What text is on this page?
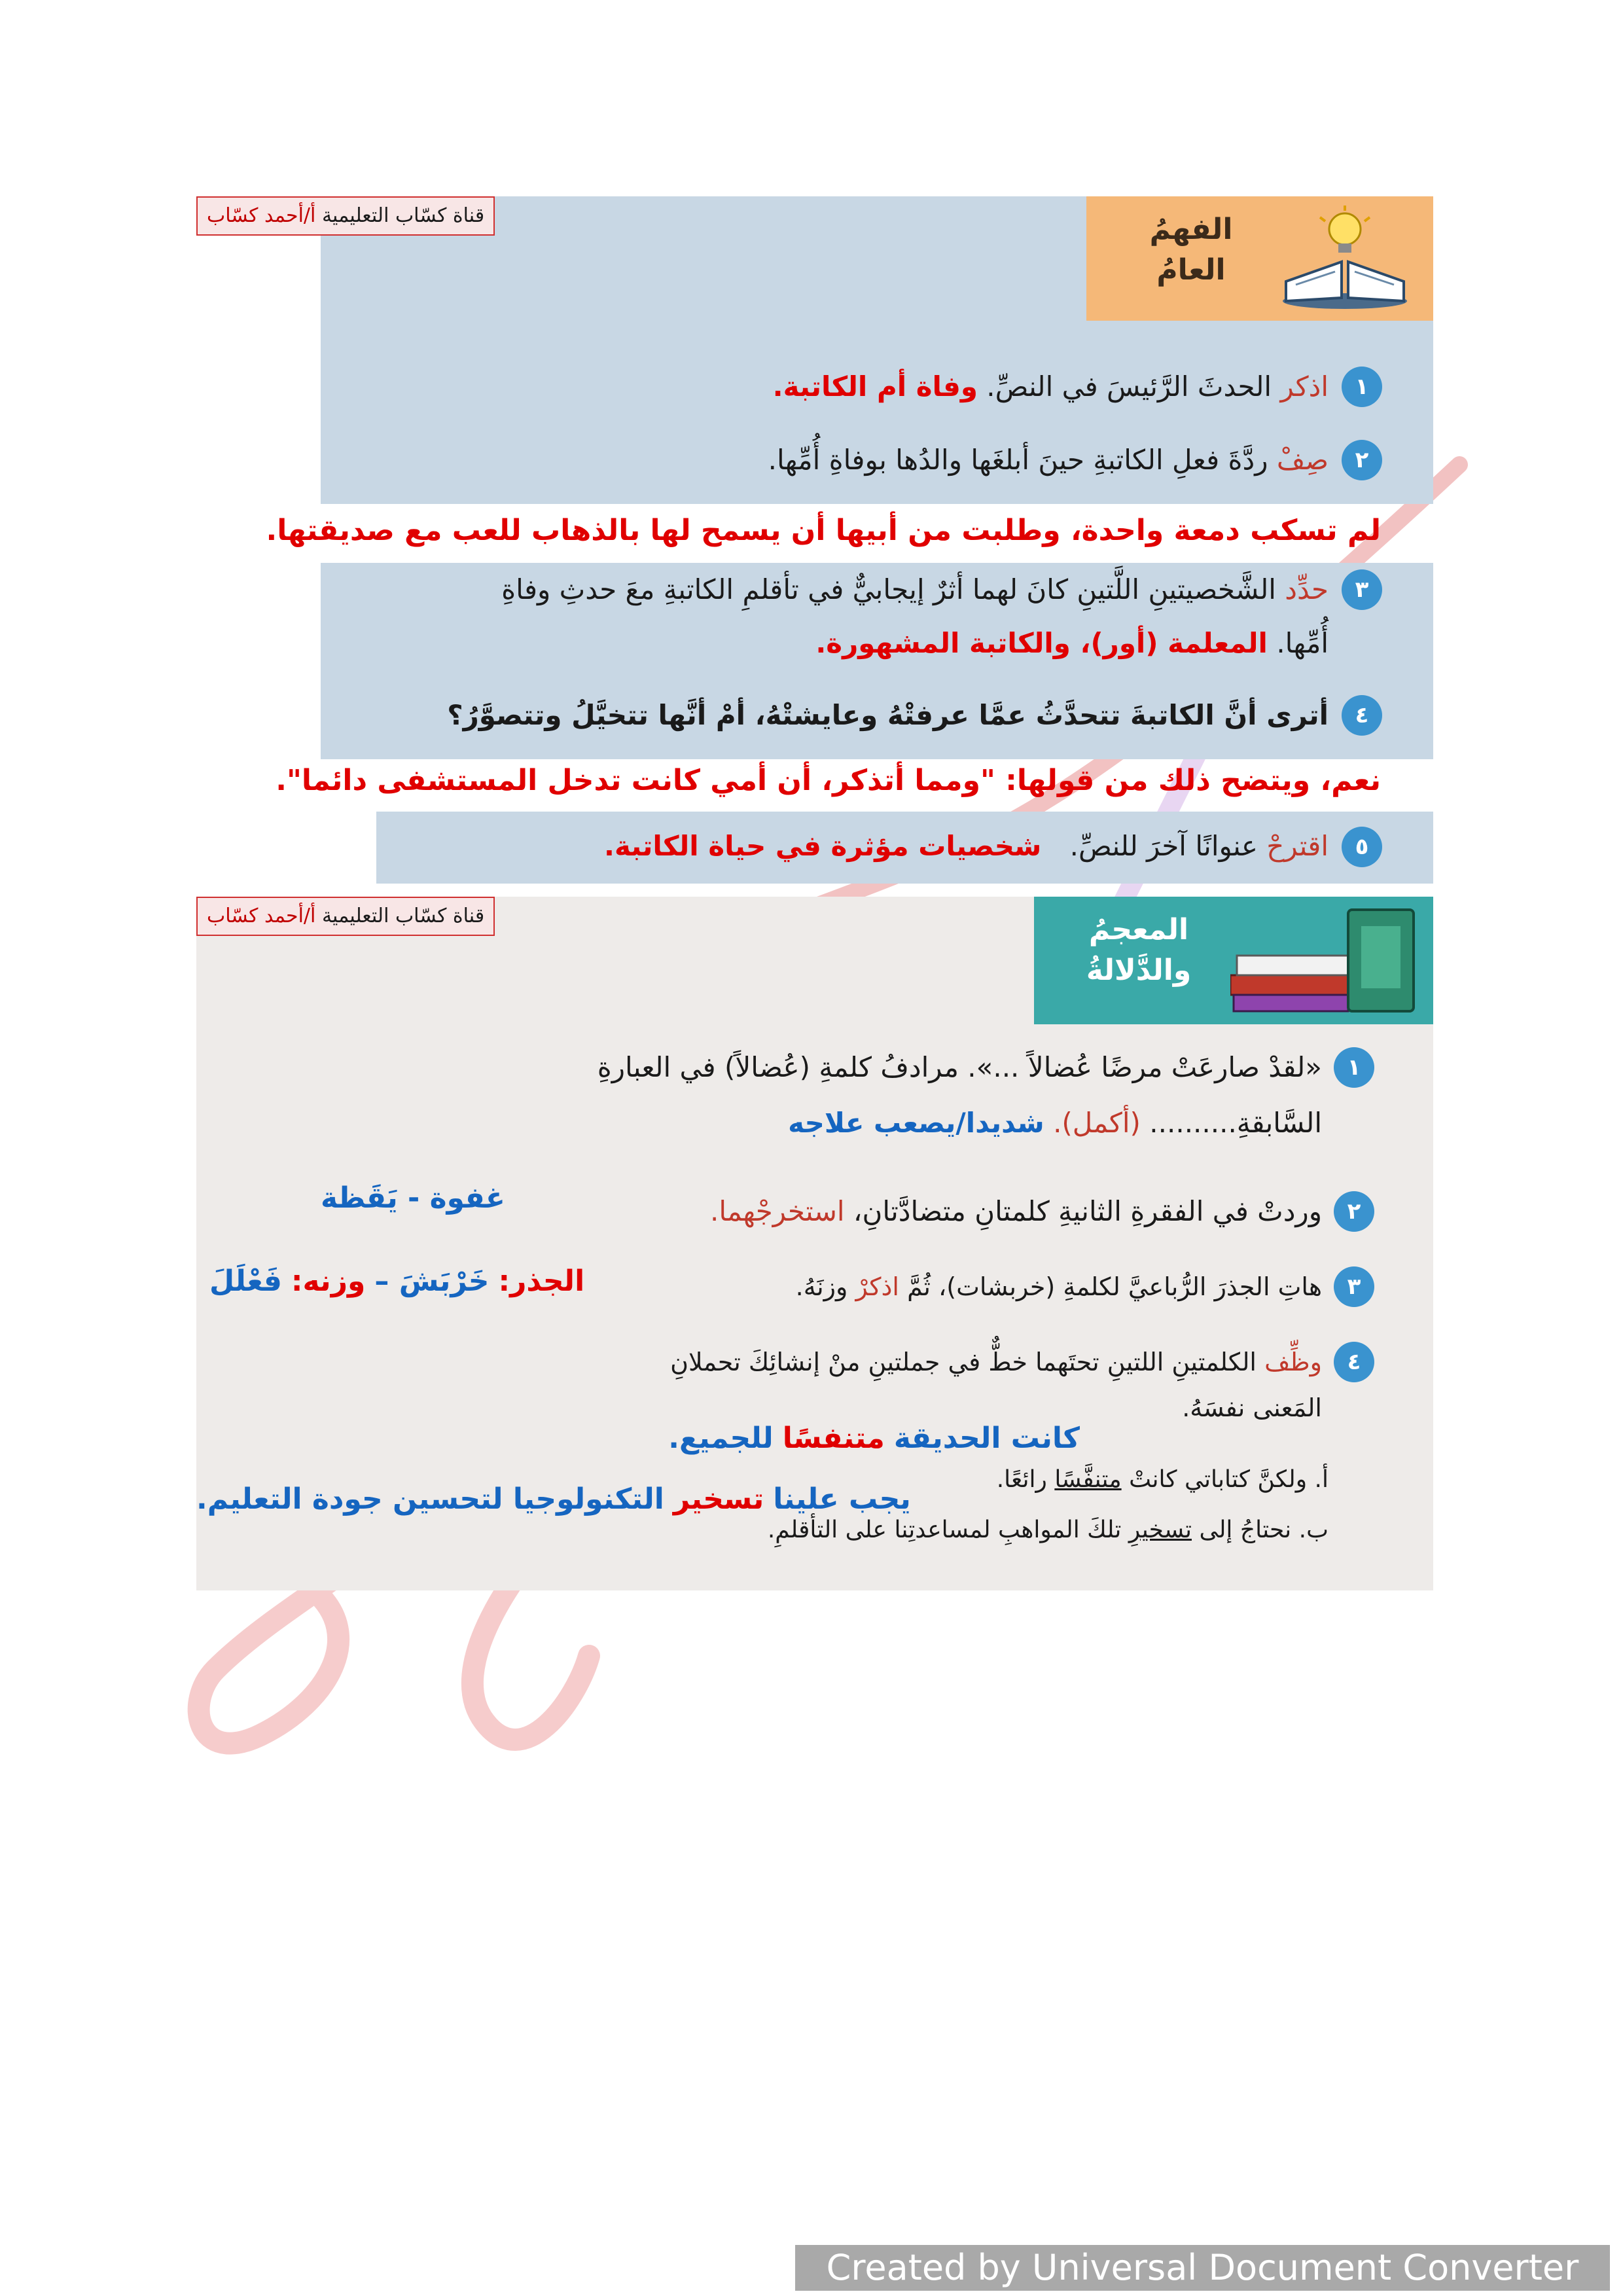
الفهمُ
العامُ
قناة كسّاب التعليمية أ/أحمد كسّاب
١
اذكر الحدثَ الرَّئيسَ في النصِّ. وفاة أم الكاتبة.
٢
صِفْ ردَّةَ فعلِ الكاتبةِ حينَ أبلغَها والدُها بوفاةِ أُمِّها.
لم تسكب دمعة واحدة، وطلبت من أبيها أن يسمح لها بالذهاب للعب مع صديقتها.
٣
حدِّد الشَّخصيتينِ اللَّتينِ كانَ لهما أثرٌ إيجابيٌّ في تأقلمِ الكاتبةِ معَ حدثِ وفاةِ
أُمِّها. المعلمة (أور)، والكاتبة المشهورة.
٤
أترى أنَّ الكاتبةَ تتحدَّثُ عمَّا عرفتْهُ وعايشتْهُ، أمْ أنَّها تتخيَّلُ وتتصوَّرُ؟
نعم، ويتضح ذلك من قولها: "ومما أتذكر، أن أمي كانت تدخل المستشفى دائما".
٥
اقترحْ عنوانًا آخرَ للنصِّ. شخصيات مؤثرة في حياة الكاتبة.
المعجمُ
والدَّلالةُ
قناة كسّاب التعليمية أ/أحمد كسّاب
١
«لقدْ صارعَتْ مرضًا عُضالاً ...». مرادفُ كلمةِ (عُضالاً) في العبارةِ
السَّابقةِ.......... (أكمل). شديدا/يصعب علاجه
٢
وردتْ في الفقرةِ الثانيةِ كلمتانِ متضادَّتانِ، استخرجْهما.
غفوة - يَقَظة
٣
هاتِ الجذرَ الرُّباعيَّ لكلمةِ (خربشات)، ثُمَّ اذكرْ وزنَهُ.
الجذر: خَرْبَشَ – وزنه: فَعْلَلَ
٤
وظِّف الكلمتينِ اللتينِ تحتَهما خطٌّ في جملتينِ منْ إنشائِكَ تحملانِ
المَعنى نفسَهُ.
كانت الحديقة متنفسًا للجميع.
أ. ولكنَّ كتاباتي كانتْ متنفَّسًا رائعًا.
ب. نحتاجُ إلى تسخيرِ تلكَ المواهبِ لمساعدتِنا على التأقلمِ.
يجب علينا تسخير التكنولوجيا لتحسين جودة التعليم.
Created by Universal Document Converter
